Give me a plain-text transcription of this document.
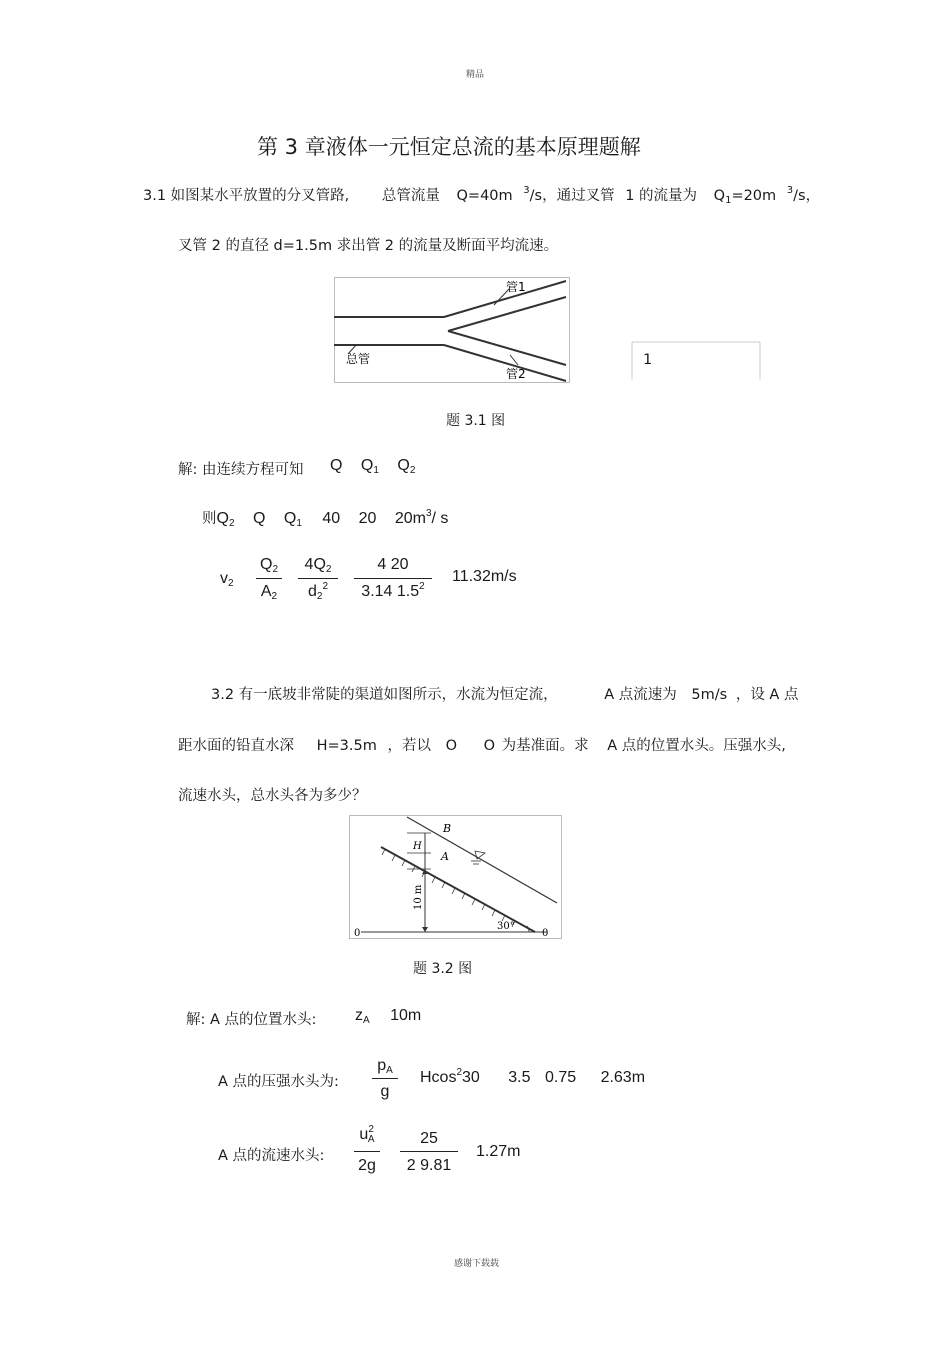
精品
感谢下载载
第 3 章液体一元恒定总流的基本原理题解
3.1 如图某水平放置的分叉管路, 总管流量 Q=40m $^3$/s，通过叉管 1 的流量为 $Q_1=20m$ $^3$/s，
叉管 2 的直径 d=1.5m 求出管 2 的流量及断面平均流速。
管1
总管
管2
1
题 3.1 图
解: 由连续方程可知 Q Q1 Q2
则Q2 Q Q1 40 20 $20m^3/$ s
v2
Q2
A2
4Q2
$d2^2$
4 20
3.14 $1.5^2$
11.32m/s
3.2 有一底坡非常陡的渠道如图所示，水流为恒定流，	A 点流速为 5m/s ，设 A 点
距水面的铅直水深 H=3.5m ，若以 O O 为基准面。求 A 点的位置水头。压强水头,
流速水头，总水头各为多少？
B
A
H
10 m
30°
0	0
题 3.2 图
解: A 点的位置水头: zA 10m
A 点的压强水头为:
pA
g
Hcos$^2$30 3.5 0.75 2.63m
A 点的流速水头:
$u^2A$
2g
25
2 9.81
1.27m
